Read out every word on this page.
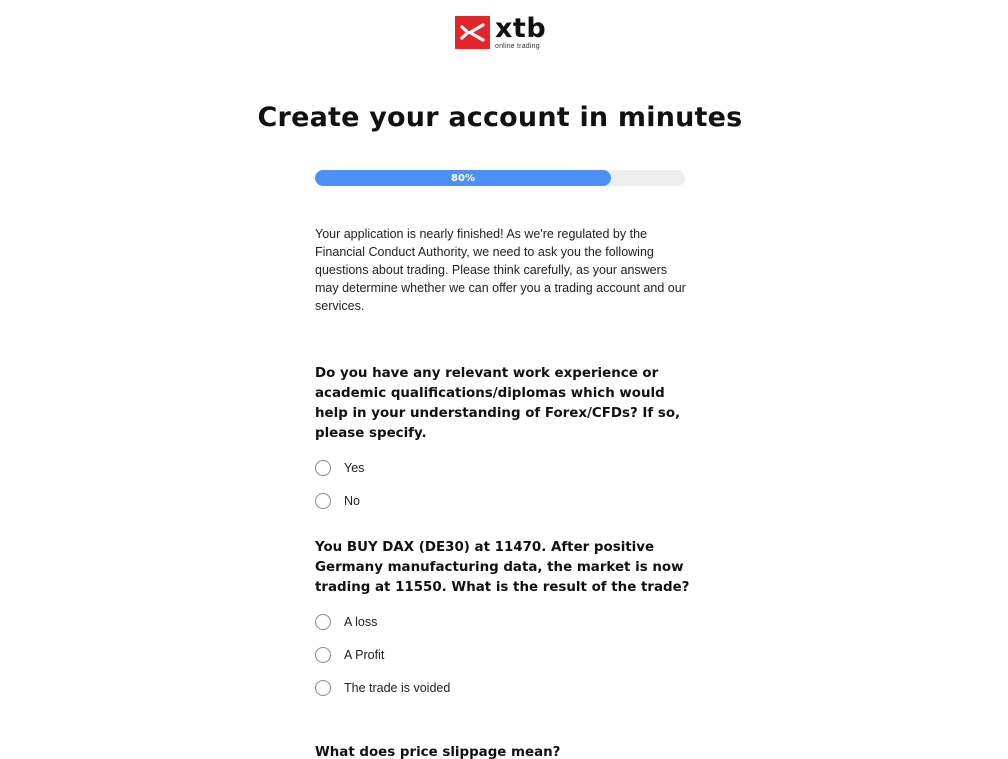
xtb
online trading
Create your account in minutes
80%

Your application is nearly finished! As we're regulated by the Financial Conduct Authority, we need to ask you the following questions about trading. Please think carefully, as your answers may determine whether we can offer you a trading account and our services.

Do you have any relevant work experience or academic qualifications/diplomas which would help in your understanding of Forex/CFDs? If so, please specify.

Yes
No

You BUY DAX (DE30) at 11470. After positive Germany manufacturing data, the market is now trading at 11550. What is the result of the trade?

A loss
A Profit
The trade is voided

What does price slippage mean?
